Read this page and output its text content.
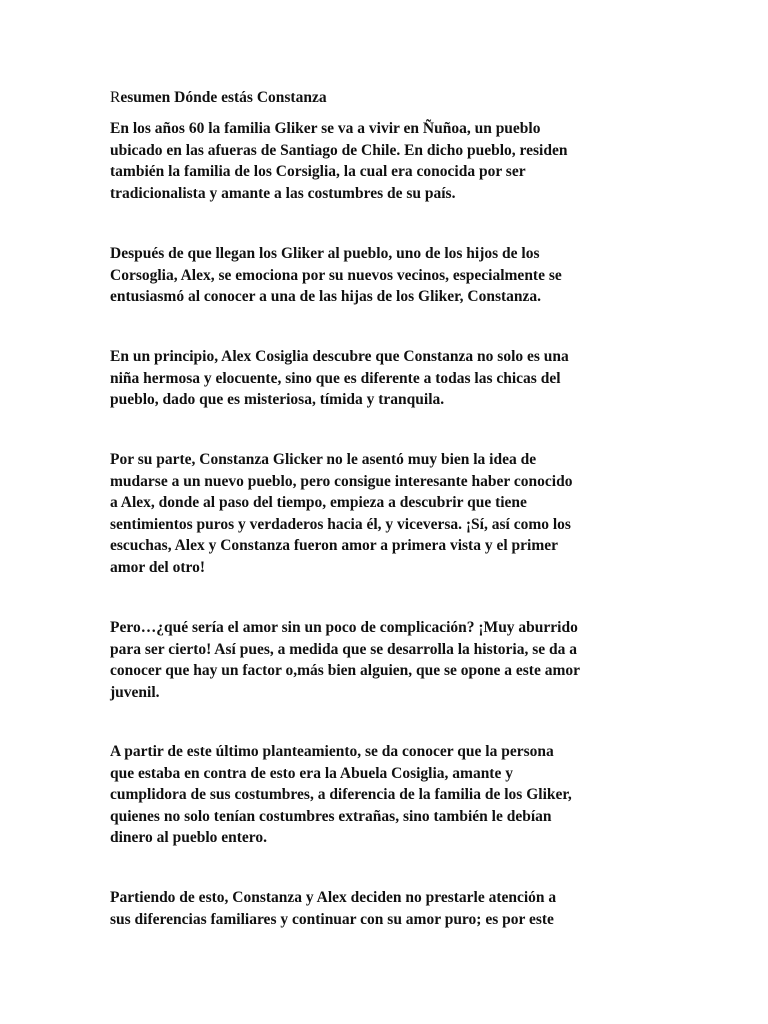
Resumen Dónde estás Constanza
En los años 60 la familia Gliker se va a vivir en Ñuñoa, un pueblo
ubicado en las afueras de Santiago de Chile. En dicho pueblo, residen
también la familia de los Corsiglia, la cual era conocida por ser
tradicionalista y amante a las costumbres de su país.
Después de que llegan los Gliker al pueblo, uno de los hijos de los
Corsoglia, Alex, se emociona por su nuevos vecinos, especialmente se
entusiasmó al conocer a una de las hijas de los Gliker, Constanza.
En un principio, Alex Cosiglia descubre que Constanza no solo es una
niña hermosa y elocuente, sino que es diferente a todas las chicas del
pueblo, dado que es misteriosa, tímida y tranquila.
Por su parte, Constanza Glicker no le asentó muy bien la idea de
mudarse a un nuevo pueblo, pero consigue interesante haber conocido
a Alex, donde al paso del tiempo, empieza a descubrir que tiene
sentimientos puros y verdaderos hacia él, y viceversa. ¡Sí, así como los
escuchas, Alex y Constanza fueron amor a primera vista y el primer
amor del otro!
Pero…¿qué sería el amor sin un poco de complicación? ¡Muy aburrido
para ser cierto! Así pues, a medida que se desarrolla la historia, se da a
conocer que hay un factor o,más bien alguien, que se opone a este amor
juvenil.
A partir de este último planteamiento, se da conocer que la persona
que estaba en contra de esto era la Abuela Cosiglia, amante y
cumplidora de sus costumbres, a diferencia de la familia de los Gliker,
quienes no solo tenían costumbres extrañas, sino también le debían
dinero al pueblo entero.
Partiendo de esto, Constanza y Alex deciden no prestarle atención a
sus diferencias familiares y continuar con su amor puro; es por este
